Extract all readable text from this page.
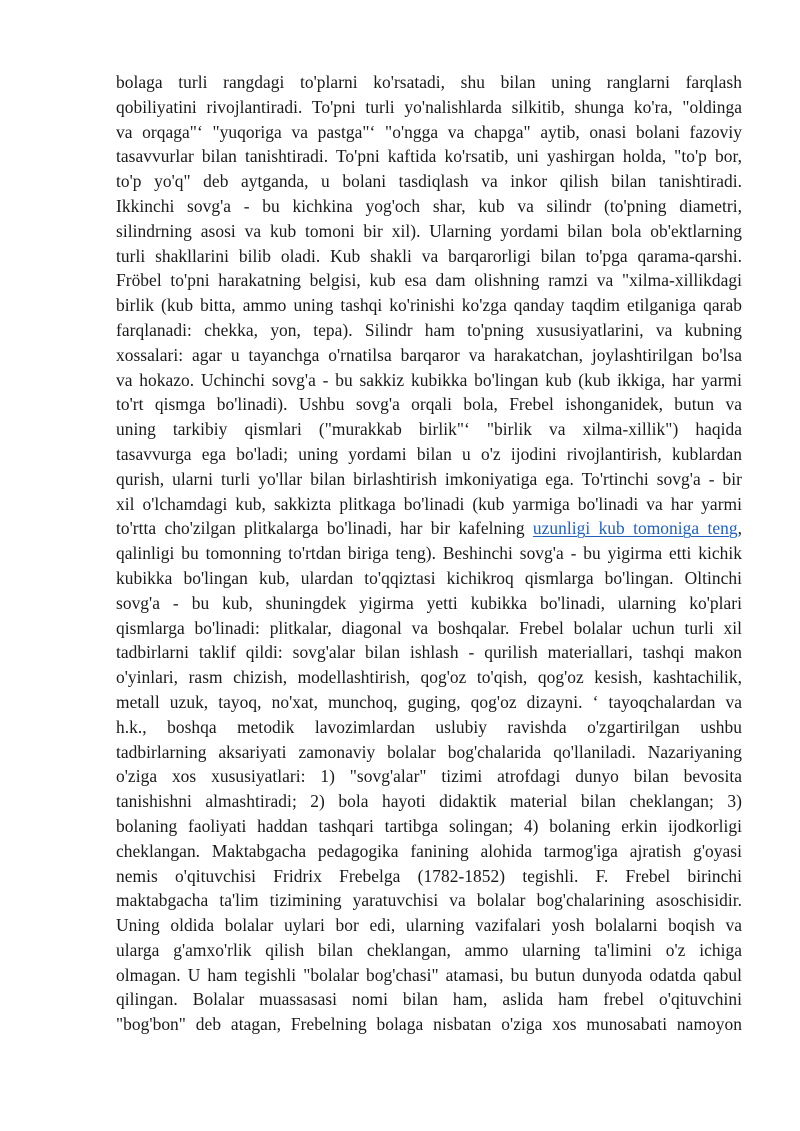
bolaga turli rangdagi to'plarni ko'rsatadi, shu bilan uning ranglarni farqlash
qobiliyatini rivojlantiradi. To'pni turli yo'nalishlarda silkitib, shunga ko'ra, "oldinga
va orqaga"‘ "yuqoriga va pastga"‘ "o'ngga va chapga" aytib, onasi bolani fazoviy
tasavvurlar bilan tanishtiradi. To'pni kaftida ko'rsatib, uni yashirgan holda, "to'p bor,
to'p yo'q" deb aytganda, u bolani tasdiqlash va inkor qilish bilan tanishtiradi.
Ikkinchi sovg'a - bu kichkina yog'och shar, kub va silindr (to'pning diametri,
silindrning asosi va kub tomoni bir xil). Ularning yordami bilan bola ob'ektlarning
turli shakllarini bilib oladi. Kub shakli va barqarorligi bilan to'pga qarama-qarshi.
Fröbel to'pni harakatning belgisi, kub esa dam olishning ramzi va "xilma-xillikdagi
birlik (kub bitta, ammo uning tashqi ko'rinishi ko'zga qanday taqdim etilganiga qarab
farqlanadi: chekka, yon, tepa). Silindr ham to'pning xususiyatlarini, va kubning
xossalari: agar u tayanchga o'rnatilsa barqaror va harakatchan, joylashtirilgan bo'lsa
va hokazo. Uchinchi sovg'a - bu sakkiz kubikka bo'lingan kub (kub ikkiga, har yarmi
to'rt qismga bo'linadi). Ushbu sovg'a orqali bola, Frebel ishonganidek, butun va
uning tarkibiy qismlari ("murakkab birlik"‘ "birlik va xilma-xillik") haqida
tasavvurga ega bo'ladi; uning yordami bilan u o'z ijodini rivojlantirish, kublardan
qurish, ularni turli yo'llar bilan birlashtirish imkoniyatiga ega. To'rtinchi sovg'a - bir
xil o'lchamdagi kub, sakkizta plitkaga bo'linadi (kub yarmiga bo'linadi va har yarmi
to'rtta cho'zilgan plitkalarga bo'linadi, har bir kafelning uzunligi kub tomoniga teng,
qalinligi bu tomonning to'rtdan biriga teng). Beshinchi sovg'a - bu yigirma etti kichik
kubikka bo'lingan kub, ulardan to'qqiztasi kichikroq qismlarga bo'lingan. Oltinchi
sovg'a - bu kub, shuningdek yigirma yetti kubikka bo'linadi, ularning ko'plari
qismlarga bo'linadi: plitkalar, diagonal va boshqalar. Frebel bolalar uchun turli xil
tadbirlarni taklif qildi: sovg'alar bilan ishlash - qurilish materiallari, tashqi makon
o'yinlari, rasm chizish, modellashtirish, qog'oz to'qish, qog'oz kesish, kashtachilik,
metall uzuk, tayoq, no'xat, munchoq, guging, qog'oz dizayni. ‘ tayoqchalardan va
h.k., boshqa metodik lavozimlardan uslubiy ravishda o'zgartirilgan ushbu
tadbirlarning aksariyati zamonaviy bolalar bog'chalarida qo'llaniladi. Nazariyaning
o'ziga xos xususiyatlari: 1) "sovg'alar" tizimi atrofdagi dunyo bilan bevosita
tanishishni almashtiradi; 2) bola hayoti didaktik material bilan cheklangan; 3)
bolaning faoliyati haddan tashqari tartibga solingan; 4) bolaning erkin ijodkorligi
cheklangan. Maktabgacha pedagogika fanining alohida tarmog'iga ajratish g'oyasi
nemis o'qituvchisi Fridrix Frebelga (1782-1852) tegishli. F. Frebel birinchi
maktabgacha ta'lim tizimining yaratuvchisi va bolalar bog'chalarining asoschisidir.
Uning oldida bolalar uylari bor edi, ularning vazifalari yosh bolalarni boqish va
ularga g'amxo'rlik qilish bilan cheklangan, ammo ularning ta'limini o'z ichiga
olmagan. U ham tegishli "bolalar bog'chasi" atamasi, bu butun dunyoda odatda qabul
qilingan. Bolalar muassasasi nomi bilan ham, aslida ham frebel o'qituvchini
"bog'bon" deb atagan, Frebelning bolaga nisbatan o'ziga xos munosabati namoyon
